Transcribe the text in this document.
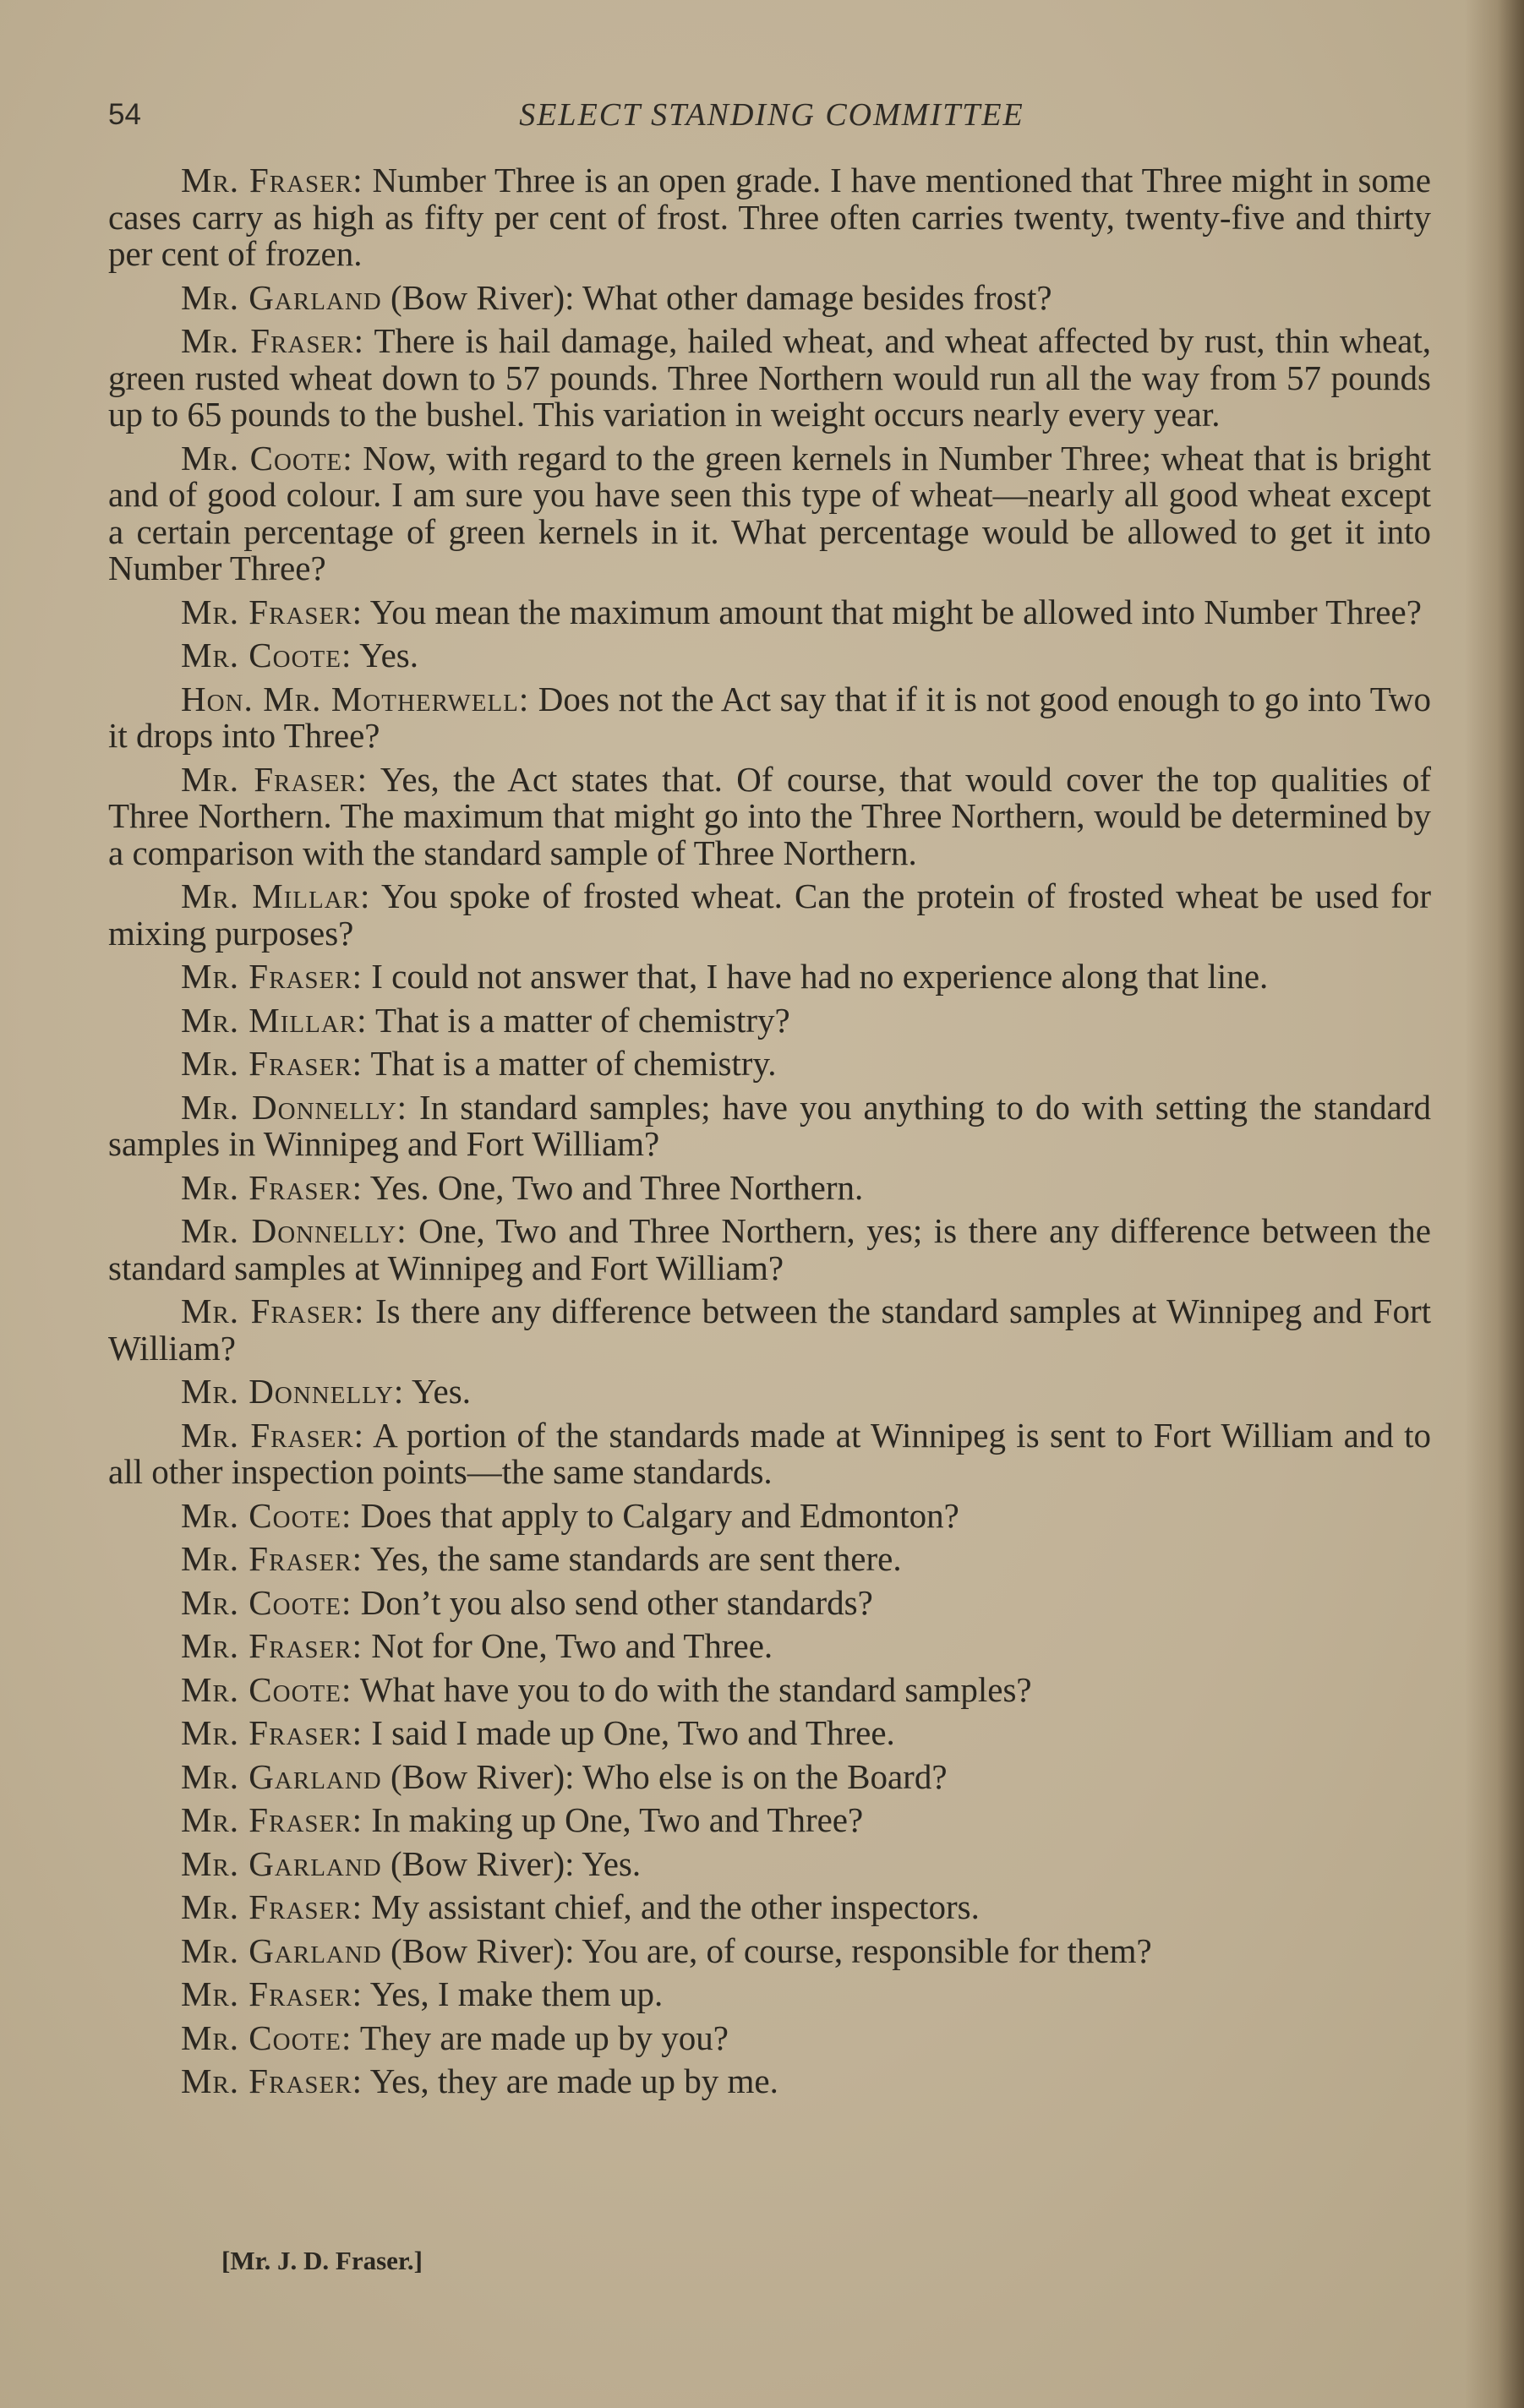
54	SELECT STANDING COMMITTEE

Mr. Fraser: Number Three is an open grade. I have mentioned that Three might in some cases carry as high as fifty per cent of frost. Three often carries twenty, twenty-five and thirty per cent of frozen.

Mr. Garland (Bow River): What other damage besides frost?

Mr. Fraser: There is hail damage, hailed wheat, and wheat affected by rust, thin wheat, green rusted wheat down to 57 pounds. Three Northern would run all the way from 57 pounds up to 65 pounds to the bushel. This variation in weight occurs nearly every year.

Mr. Coote: Now, with regard to the green kernels in Number Three; wheat that is bright and of good colour. I am sure you have seen this type of wheat—nearly all good wheat except a certain percentage of green kernels in it. What percentage would be allowed to get it into Number Three?

Mr. Fraser: You mean the maximum amount that might be allowed into Number Three?

Mr. Coote: Yes.

Hon. Mr. Motherwell: Does not the Act say that if it is not good enough to go into Two it drops into Three?

Mr. Fraser: Yes, the Act states that. Of course, that would cover the top qualities of Three Northern. The maximum that might go into the Three Northern, would be determined by a comparison with the standard sample of Three Northern.

Mr. Millar: You spoke of frosted wheat. Can the protein of frosted wheat be used for mixing purposes?

Mr. Fraser: I could not answer that, I have had no experience along that line.

Mr. Millar: That is a matter of chemistry?

Mr. Fraser: That is a matter of chemistry.

Mr. Donnelly: In standard samples; have you anything to do with setting the standard samples in Winnipeg and Fort William?

Mr. Fraser: Yes. One, Two and Three Northern.

Mr. Donnelly: One, Two and Three Northern, yes; is there any difference between the standard samples at Winnipeg and Fort William?

Mr. Fraser: Is there any difference between the standard samples at Winnipeg and Fort William?

Mr. Donnelly: Yes.

Mr. Fraser: A portion of the standards made at Winnipeg is sent to Fort William and to all other inspection points—the same standards.

Mr. Coote: Does that apply to Calgary and Edmonton?

Mr. Fraser: Yes, the same standards are sent there.

Mr. Coote: Don’t you also send other standards?

Mr. Fraser: Not for One, Two and Three.

Mr. Coote: What have you to do with the standard samples?

Mr. Fraser: I said I made up One, Two and Three.

Mr. Garland (Bow River): Who else is on the Board?

Mr. Fraser: In making up One, Two and Three?

Mr. Garland (Bow River): Yes.

Mr. Fraser: My assistant chief, and the other inspectors.

Mr. Garland (Bow River): You are, of course, responsible for them?

Mr. Fraser: Yes, I make them up.

Mr. Coote: They are made up by you?

Mr. Fraser: Yes, they are made up by me.

[Mr. J. D. Fraser.]
